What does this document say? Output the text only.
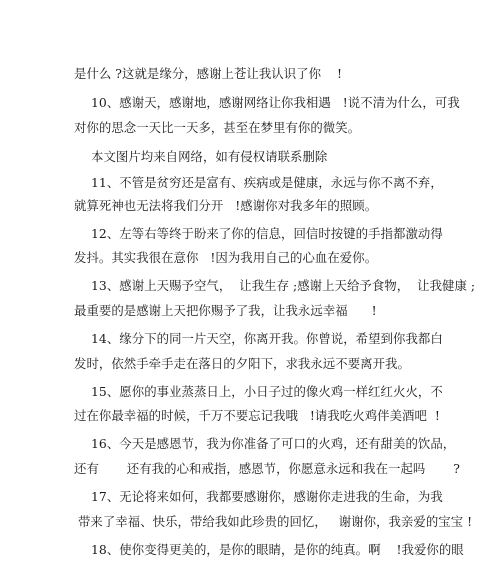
是什么 ?这就是缘分，感谢上苍让我认识了你    !
10、感谢天，感谢地，感谢网络让你我相遇   !说不清为什么，可我
对你的思念一天比一天多，甚至在梦里有你的微笑。
本文图片均来自网络，如有侵权请联系删除
11、不管是贫穷还是富有、疾病或是健康，永远与你不离不弃，
就算死神也无法将我们分开   !感谢你对我多年的照顾。
12、左等右等终于盼来了你的信息，回信时按键的手指都激动得
发抖。其实我很在意你   !因为我用自己的心血在爱你。
13、感谢上天赐予空气，  让我生存 ;感谢上天给予食物，  让我健康 ;
最重要的是感谢上天把你赐予了我，让我永远幸福      !
14、缘分下的同一片天空，你离开我。你曾说，希望到你我都白
发时，依然手牵手走在落日的夕阳下，求我永远不要离开我。
15、愿你的事业蒸蒸日上，小日子过的像火鸡一样红红火火，不
过在你最幸福的时候，千万不要忘记我哦   !请我吃火鸡伴美酒吧  !
16、今天是感恩节，我为你准备了可口的火鸡，还有甜美的饮品，
还有       还有我的心和戒指，感恩节，你愿意永远和我在一起吗       ?
17、无论将来如何，我都要感谢你，感谢你走进我的生命，为我
带来了幸福、快乐，带给我如此珍贵的回忆，   谢谢你，我亲爱的宝宝 !
18、使你变得更美的，是你的眼睛，是你的纯真。啊    !我爱你的眼
